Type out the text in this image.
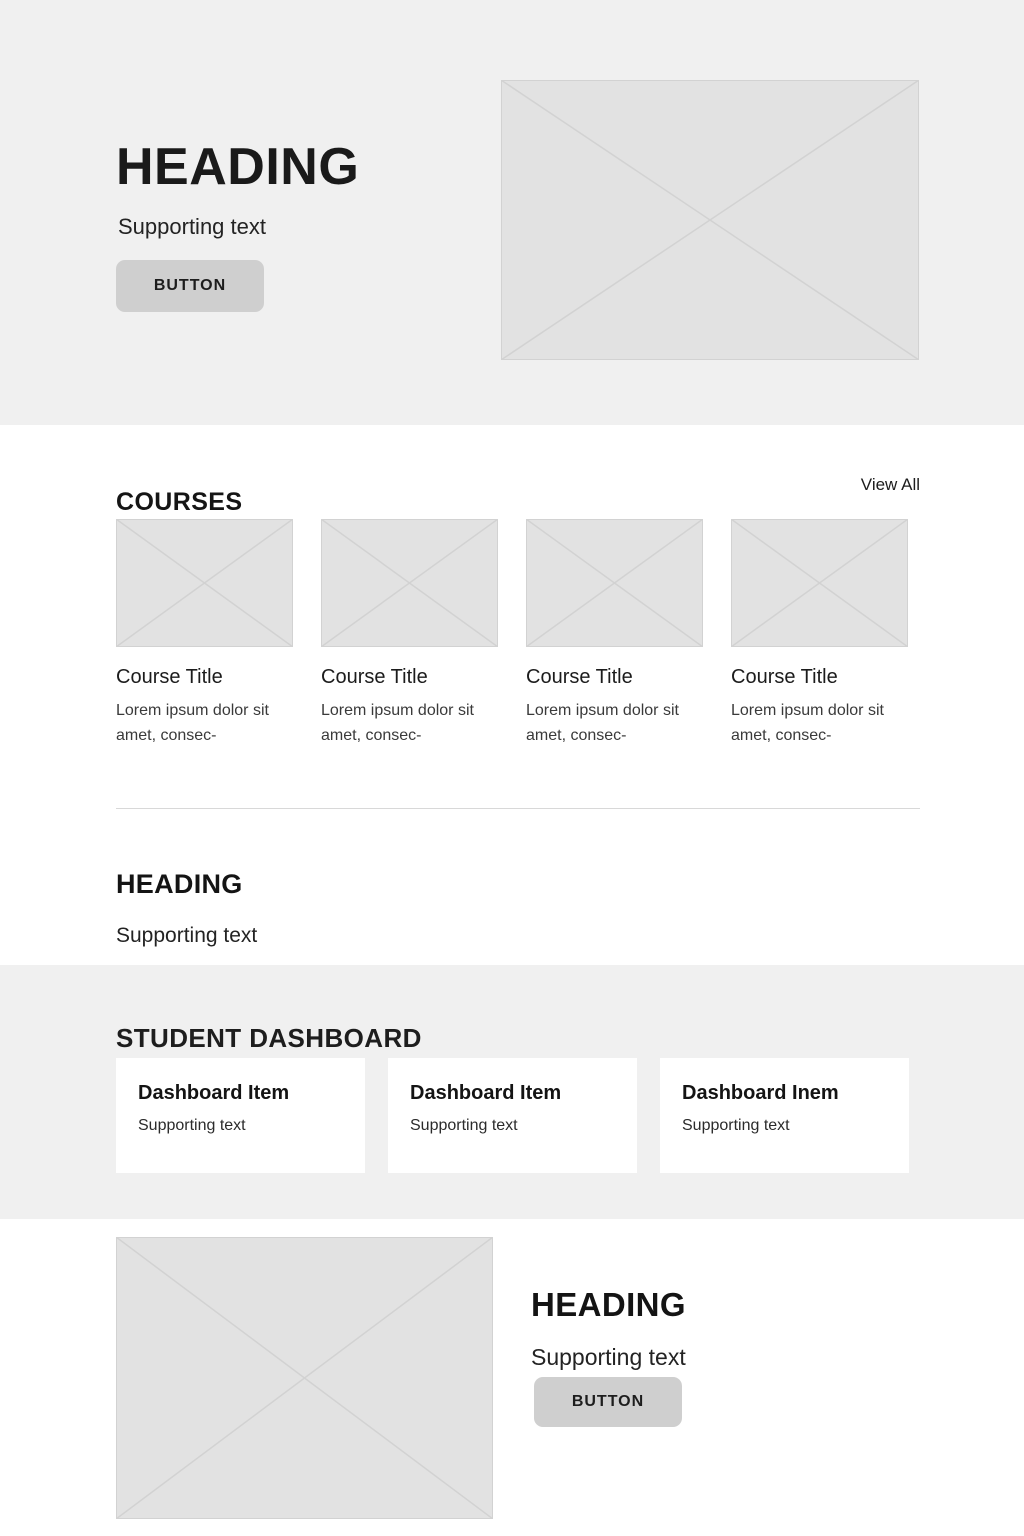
HEADING

Supporting text

BUTTON
COURSES
View All
Course Title
Lorem ipsum dolor sit amet, consec-
Course Title
Lorem ipsum dolor sit amet, consec-
Course Title
Lorem ipsum dolor sit amet, consec-
Course Title
Lorem ipsum dolor sit amet, consec-
HEADING

Supporting text

STUDENT DASHBOARD
Dashboard Item
Supporting text
Dashboard Item
Supporting text
Dashboard Inem
Supporting text
HEADING

Supporting text

BUTTON
